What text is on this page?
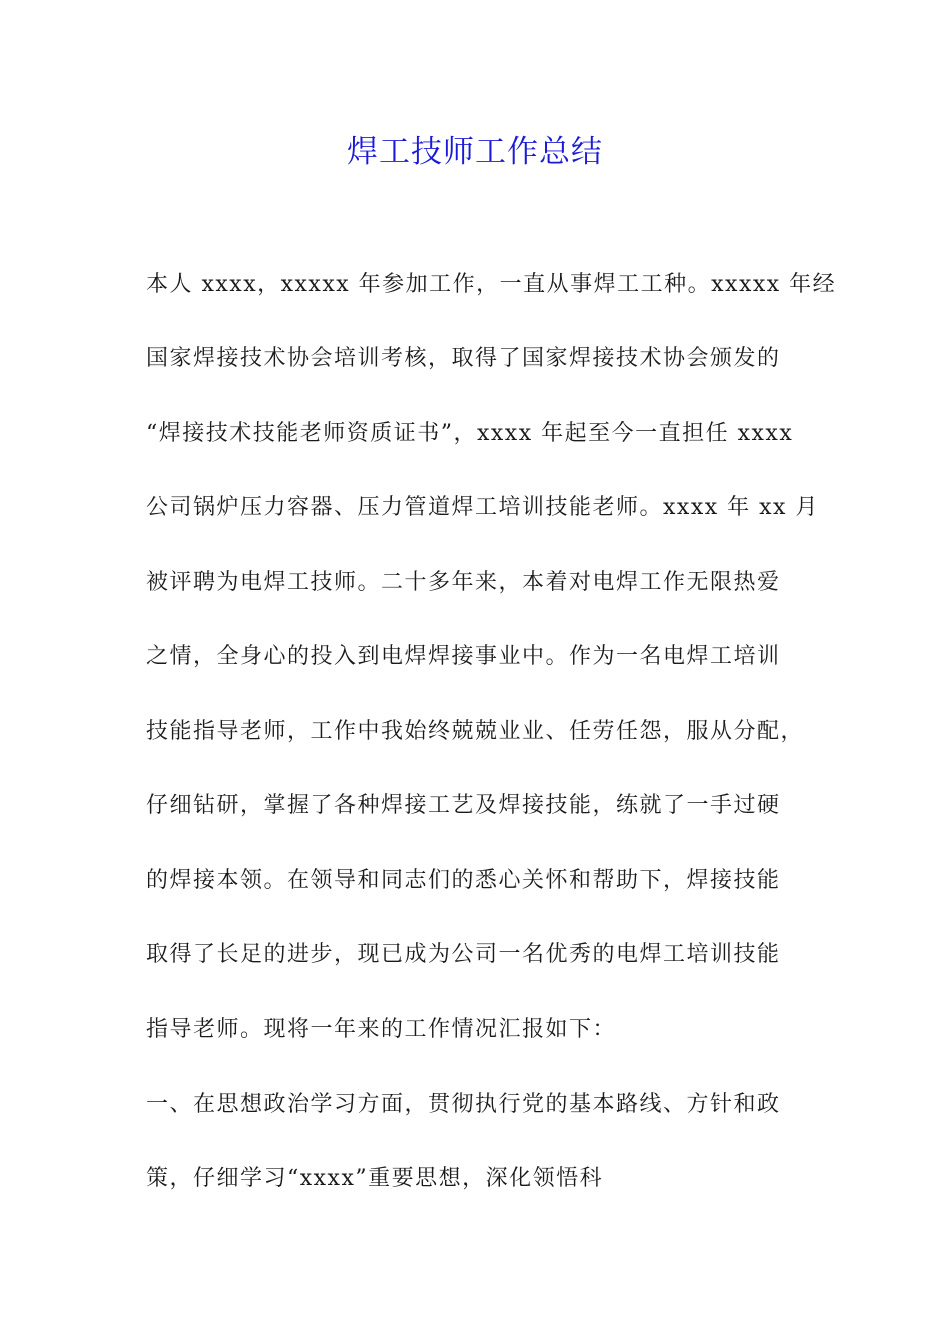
焊工技师工作总结
本人 xxxx，xxxxx 年参加工作，一直从事焊工工种。xxxxx 年经
国家焊接技术协会培训考核，取得了国家焊接技术协会颁发的
“焊接技术技能老师资质证书”，xxxx 年起至今一直担任 xxxx
公司锅炉压力容器、压力管道焊工培训技能老师。xxxx 年 xx 月
被评聘为电焊工技师。二十多年来，本着对电焊工作无限热爱
之情，全身心的投入到电焊焊接事业中。作为一名电焊工培训
技能指导老师，工作中我始终兢兢业业、任劳任怨，服从分配，
仔细钻研，掌握了各种焊接工艺及焊接技能，练就了一手过硬
的焊接本领。在领导和同志们的悉心关怀和帮助下，焊接技能
取得了长足的进步，现已成为公司一名优秀的电焊工培训技能
指导老师。现将一年来的工作情况汇报如下：
一、在思想政治学习方面，贯彻执行党的基本路线、方针和政
策，仔细学习“xxxx”重要思想，深化领悟科
